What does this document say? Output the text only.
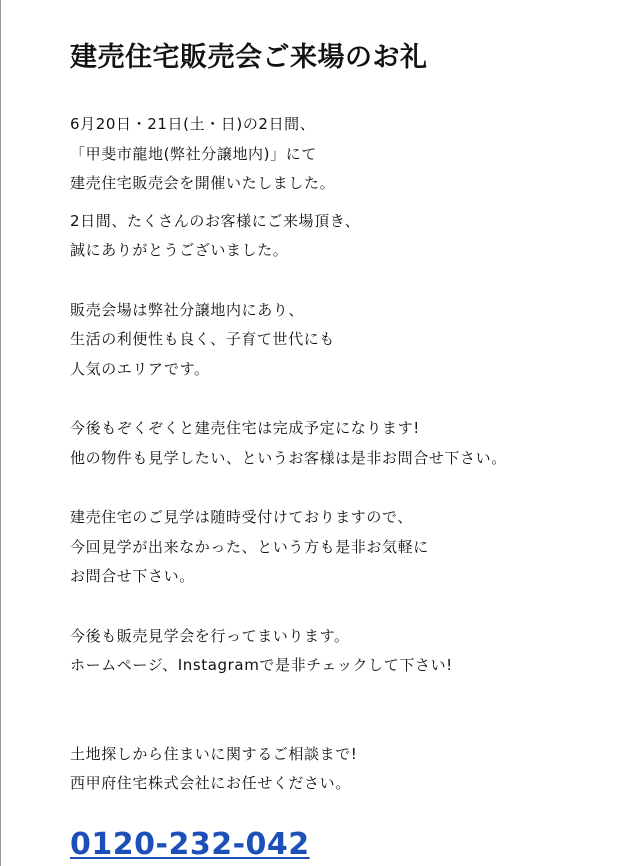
建売住宅販売会ご来場のお礼

6月20日・21日(土・日)の2日間、
「甲斐市龍地(弊社分譲地内)」にて
建売住宅販売会を開催いたしました。

2日間、たくさんのお客様にご来場頂き、
誠にありがとうございました。

販売会場は弊社分譲地内にあり、
生活の利便性も良く、子育て世代にも
人気のエリアです。

今後もぞくぞくと建売住宅は完成予定になります!
他の物件も見学したい、というお客様は是非お問合せ下さい。

建売住宅のご見学は随時受付けておりますので、
今回見学が出来なかった、という方も是非お気軽に
お問合せ下さい。

今後も販売見学会を行ってまいります。
ホームページ、Instagramで是非チェックして下さい!

土地探しから住まいに関するご相談まで!
西甲府住宅株式会社にお任せください。

0120-232-042
